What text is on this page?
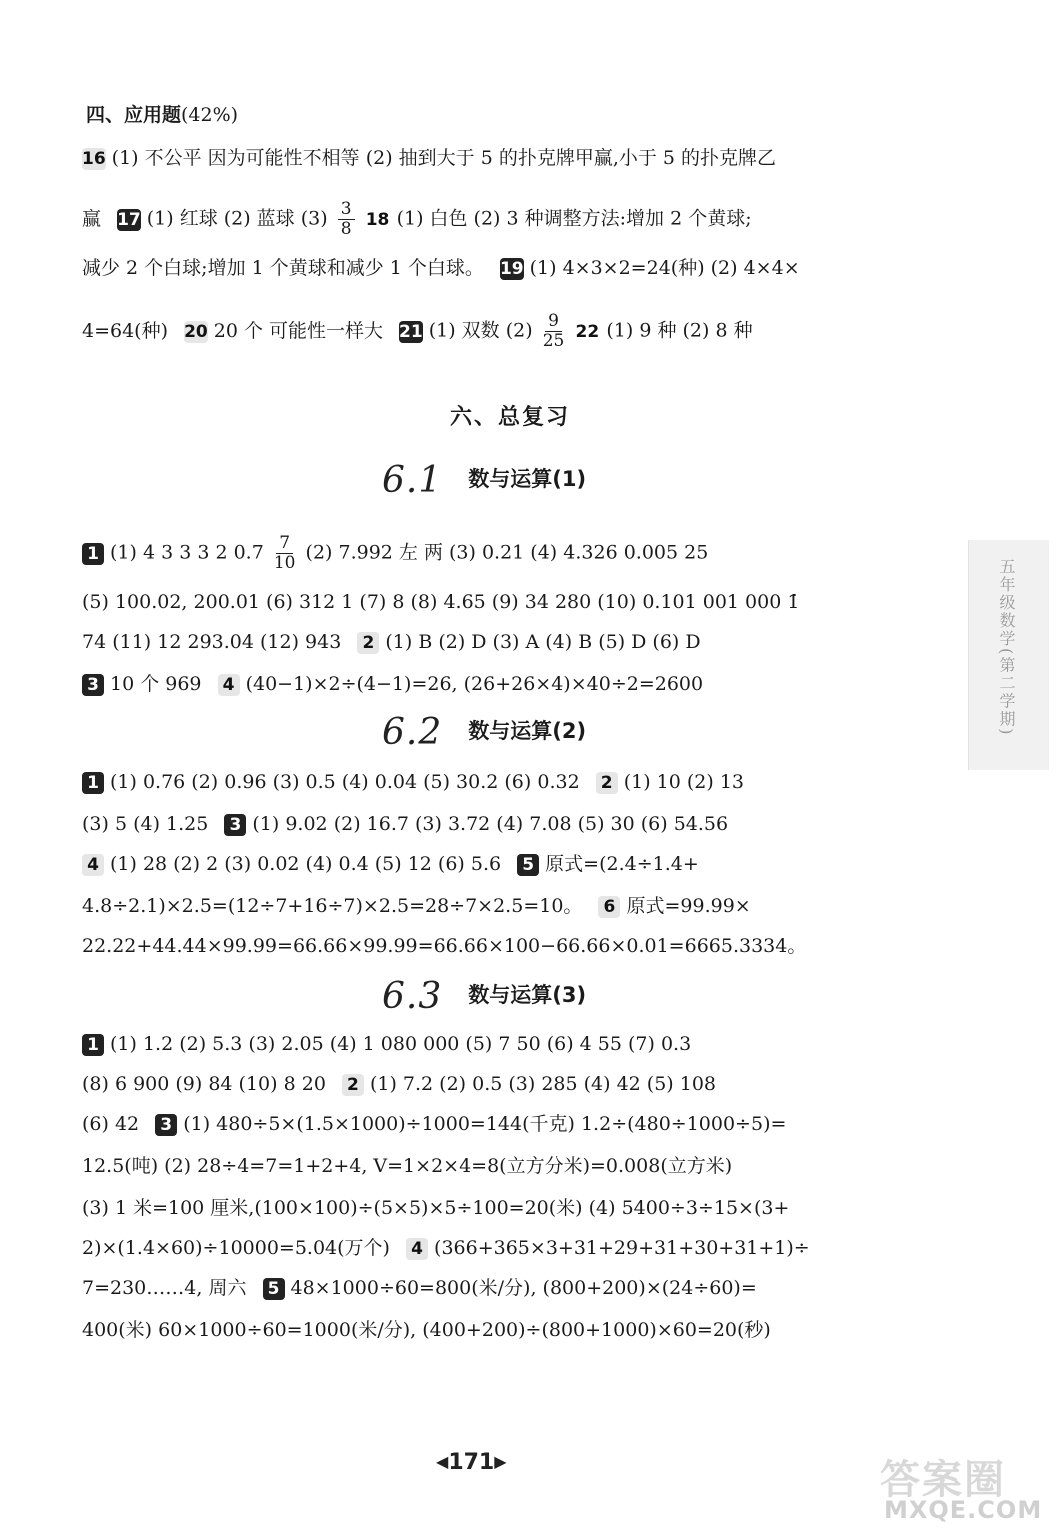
四、应用题(42%)
16 (1) 不公平 因为可能性不相等 (2) 抽到大于 5 的扑克牌甲赢,小于 5 的扑克牌乙
赢 17 (1) 红球 (2) 蓝球 $(3) \frac{3}{8} 18$ (1) 白色 (2) 3 种调整方法:增加 2 个黄球;
减少 2 个白球;增加 1 个黄球和减少 1 个白球。 19 (1) 4×3×2=24(种) (2) 4×4×
4=64(种) 20 20 个 可能性一样大 21 (1) 双数 $(2) \frac{9}{25} 22$ (1) 9 种 (2) 8 种
六、总复习
6.1 数与运算(1)
1 (1) 4 3 3 3 2 $0.7 \frac{7}{10} (2)$ 7.992 左 两 (3) 0.21 (4) 4.326 0.005 25
(5) 100.02, 200.01 (6) 312 1 (7) 8 (8) 4.65 (9) 34 280 (10) 0.101 001 000 1̇
74 (11) 12 293.04 (12) 943 2 (1) B (2) D (3) A (4) B (5) D (6) D
3 10 个 969 4 (40−1)×2÷(4−1)=26, (26+26×4)×40÷2=2600
6.2 数与运算(2)
1 (1) 0.76 (2) 0.96 (3) 0.5 (4) 0.04 (5) 30.2 (6) 0.32 2 (1) 10 (2) 13
(3) 5 (4) 1.25 3 (1) 9.02 (2) 16.7 (3) 3.72 (4) 7.08 (5) 30 (6) 54.56
4 (1) 28 (2) 2 (3) 0.02 (4) 0.4 (5) 12 (6) 5.6 5 原式=(2.4÷1.4+
4.8÷2.1)×2.5=(12÷7+16÷7)×2.5=28÷7×2.5=10。 6 原式=99.99×
22.22+44.44×99.99=66.66×99.99=66.66×100−66.66×0.01=6665.3334。
6.3 数与运算(3)
1 (1) 1.2 (2) 5.3 (3) 2.05 (4) 1 080 000 (5) 7 50 (6) 4 55 (7) 0.3
(8) 6 900 (9) 84 (10) 8 20 2 (1) 7.2 (2) 0.5 (3) 285 (4) 42 (5) 108
(6) 42 3 (1) 480÷5×(1.5×1000)÷1000=144(千克) 1.2÷(480÷1000÷5)=
12.5(吨) (2) 28÷4=7=1+2+4, V=1×2×4=8(立方分米)=0.008(立方米)
(3) 1 米=100 厘米,(100×100)÷(5×5)×5÷100=20(米) (4) 5400÷3÷15×(3+
2)×(1.4×60)÷10000=5.04(万个) 4 (366+365×3+31+29+31+30+31+1)÷
7=230……4, 周六 5 48×1000÷60=800(米/分), (800+200)×(24÷60)=
400(米) 60×1000÷60=1000(米/分), (400+200)÷(800+1000)×60=20(秒)
五年级数学(第二学期)
◀171▶	答案圈
MXQE.COM
